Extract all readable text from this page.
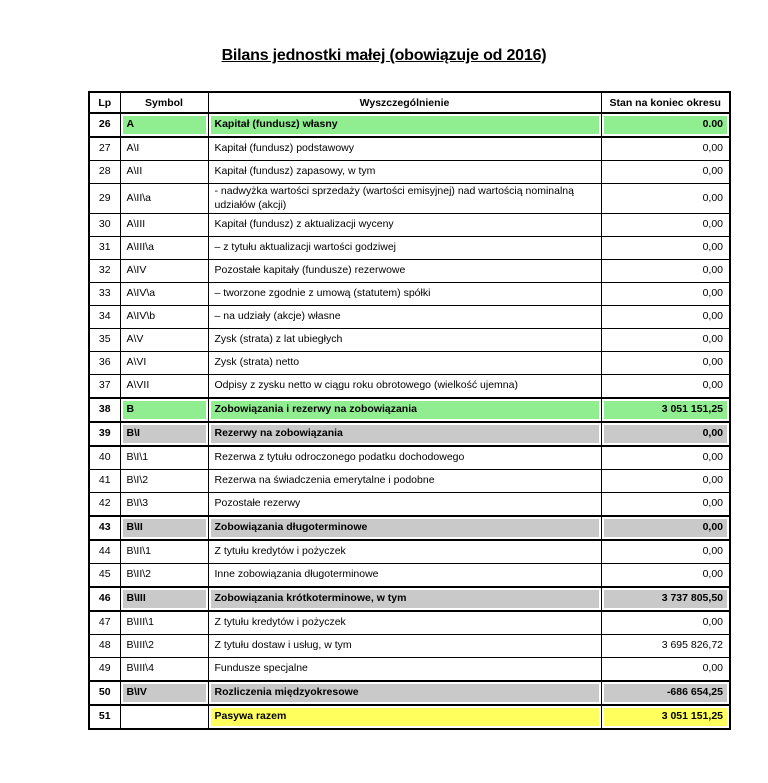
Bilans jednostki małej (obowiązuje od 2016)
Lp	Symbol	Wyszczególnienie	Stan na koniec okresu
26	A	Kapitał (fundusz) własny	0.00
27	A\I	Kapitał (fundusz) podstawowy	0,00
28	A\II	Kapitał (fundusz) zapasowy, w tym	0,00
29	A\II\a	- nadwyżka wartości sprzedaży (wartości emisyjnej) nad wartością nominalną udziałów (akcji)	0,00
30	A\III	Kapitał (fundusz) z aktualizacji wyceny	0,00
31	A\III\a	– z tytułu aktualizacji wartości godziwej	0,00
32	A\IV	Pozostałe kapitały (fundusze) rezerwowe	0,00
33	A\IV\a	– tworzone zgodnie z umową (statutem) spółki	0,00
34	A\IV\b	– na udziały (akcje) własne	0,00
35	A\V	Zysk (strata) z lat ubiegłych	0,00
36	A\VI	Zysk (strata) netto	0,00
37	A\VII	Odpisy z zysku netto w ciągu roku obrotowego (wielkość ujemna)	0,00
38	B	Zobowiązania i rezerwy na zobowiązania	3 051 151,25
39	B\I	Rezerwy na zobowiązania	0,00
40	B\I\1	Rezerwa z tytułu odroczonego podatku dochodowego	0,00
41	B\I\2	Rezerwa na świadczenia emerytalne i podobne	0,00
42	B\I\3	Pozostałe rezerwy	0,00
43	B\II	Zobowiązania długoterminowe	0,00
44	B\II\1	Z tytułu kredytów i pożyczek	0,00
45	B\II\2	Inne zobowiązania długoterminowe	0,00
46	B\III	Zobowiązania krótkoterminowe, w tym	3 737 805,50
47	B\III\1	Z tytułu kredytów i pożyczek	0,00
48	B\III\2	Z tytułu dostaw i usług, w tym	3 695 826,72
49	B\III\4	Fundusze specjalne	0,00
50	B\IV	Rozliczenia międzyokresowe	-686 654,25
51		Pasywa razem	3 051 151,25
